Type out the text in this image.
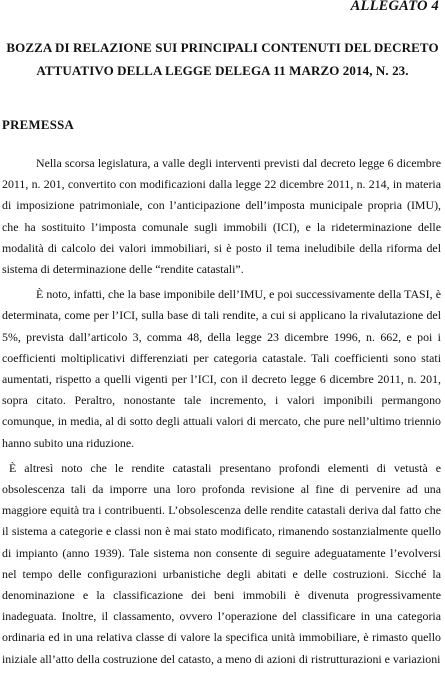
ALLEGATO 4

BOZZA DI RELAZIONE SUI PRINCIPALI CONTENUTI DEL DECRETO
ATTUATIVO DELLA LEGGE DELEGA 11 MARZO 2014, N. 23.
PREMESSA

Nella scorsa legislatura, a valle degli interventi previsti dal decreto legge 6 dicembre 2011, n. 201, convertito con modificazioni dalla legge 22 dicembre 2011, n. 214, in materia di imposizione patrimoniale, con l’anticipazione dell’imposta municipale propria (IMU), che ha sostituito l’imposta comunale sugli immobili (ICI), e la rideterminazione delle modalità di calcolo dei valori immobiliari, si è posto il tema ineludibile della riforma del sistema di determinazione delle “rendite catastali”.

È noto, infatti, che la base imponibile dell’IMU, e poi successivamente della TASI, è determinata, come per l’ICI, sulla base di tali rendite, a cui si applicano la rivalutazione del 5%, prevista dall’articolo 3, comma 48, della legge 23 dicembre 1996, n. 662, e poi i coefficienti moltiplicativi differenziati per categoria catastale. Tali coefficienti sono stati aumentati, rispetto a quelli vigenti per l’ICI, con il decreto legge 6 dicembre 2011, n. 201, sopra citato. Peraltro, nonostante tale incremento, i valori imponibili permangono comunque, in media, al di sotto degli attuali valori di mercato, che pure nell’ultimo triennio hanno subito una riduzione.

È altresì noto che le rendite catastali presentano profondi elementi di vetustà e obsolescenza tali da imporre una loro profonda revisione al fine di pervenire ad una maggiore equità tra i contribuenti. L’obsolescenza delle rendite catastali deriva dal fatto che il sistema a categorie e classi non è mai stato modificato, rimanendo sostanzialmente quello di impianto (anno 1939). Tale sistema non consente di seguire adeguatamente l’evolversi nel tempo delle configurazioni urbanistiche degli abitati e delle costruzioni. Sicché la denominazione e la classificazione dei beni immobili è divenuta progressivamente inadeguata. Inoltre, il classamento, ovvero l’operazione del classificare in una categoria ordinaria ed in una relativa classe di valore la specifica unità immobiliare, è rimasto quello iniziale all’atto della costruzione del catasto, a meno di azioni di ristrutturazioni e variazioni
